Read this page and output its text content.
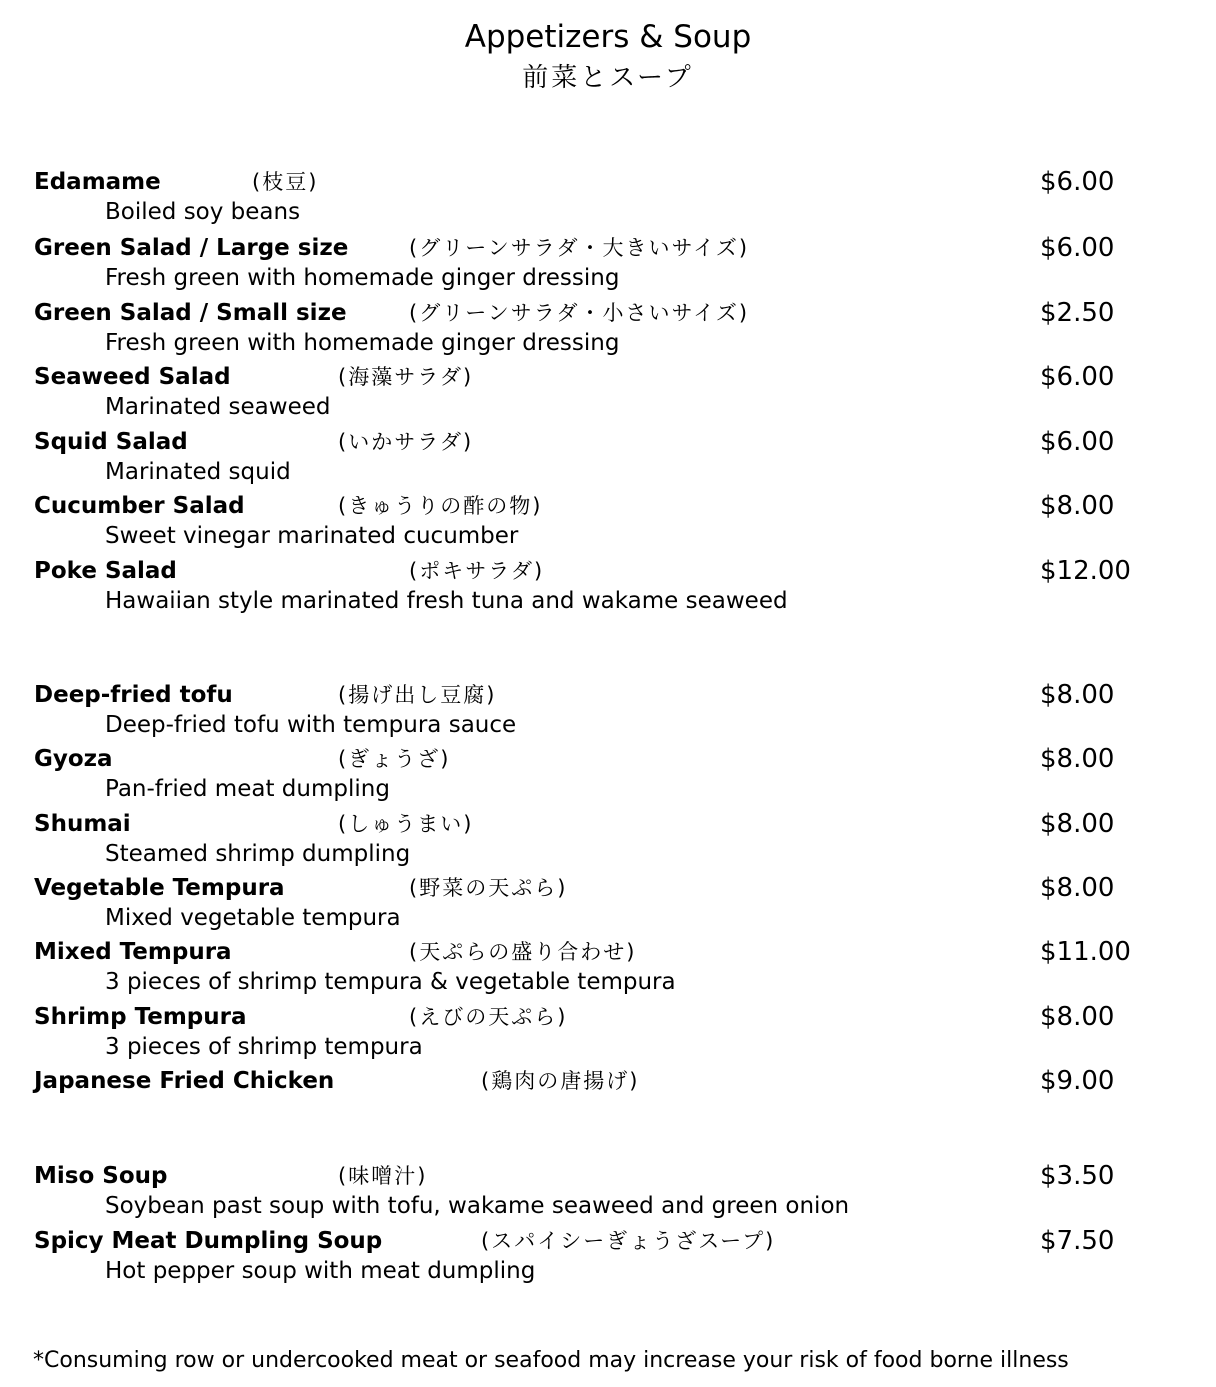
Appetizers & Soup
前菜とスープ
Edamame	(枝豆)	$6.00
Boiled soy beans
Green Salad / Large size	(グリーンサラダ・大きいサイズ)	$6.00
Fresh green with homemade ginger dressing
Green Salad / Small size	(グリーンサラダ・小さいサイズ)	$2.50
Fresh green with homemade ginger dressing
Seaweed Salad	(海藻サラダ)	$6.00
Marinated seaweed
Squid Salad	(いかサラダ)	$6.00
Marinated squid
Cucumber Salad	(きゅうりの酢の物)	$8.00
Sweet vinegar marinated cucumber
Poke Salad	(ポキサラダ)	$12.00
Hawaiian style marinated fresh tuna and wakame seaweed
Deep-fried tofu	(揚げ出し豆腐)	$8.00
Deep-fried tofu with tempura sauce
Gyoza	(ぎょうざ)	$8.00
Pan-fried meat dumpling
Shumai	(しゅうまい)	$8.00
Steamed shrimp dumpling
Vegetable Tempura	(野菜の天ぷら)	$8.00
Mixed vegetable tempura
Mixed Tempura	(天ぷらの盛り合わせ)	$11.00
3 pieces of shrimp tempura & vegetable tempura
Shrimp Tempura	(えびの天ぷら)	$8.00
3 pieces of shrimp tempura
Japanese Fried Chicken	(鶏肉の唐揚げ)	$9.00
Miso Soup	(味噌汁)	$3.50
Soybean past soup with tofu, wakame seaweed and green onion
Spicy Meat Dumpling Soup	(スパイシーぎょうざスープ)	$7.50
Hot pepper soup with meat dumpling
*Consuming row or undercooked meat or seafood may increase your risk of food borne illness
